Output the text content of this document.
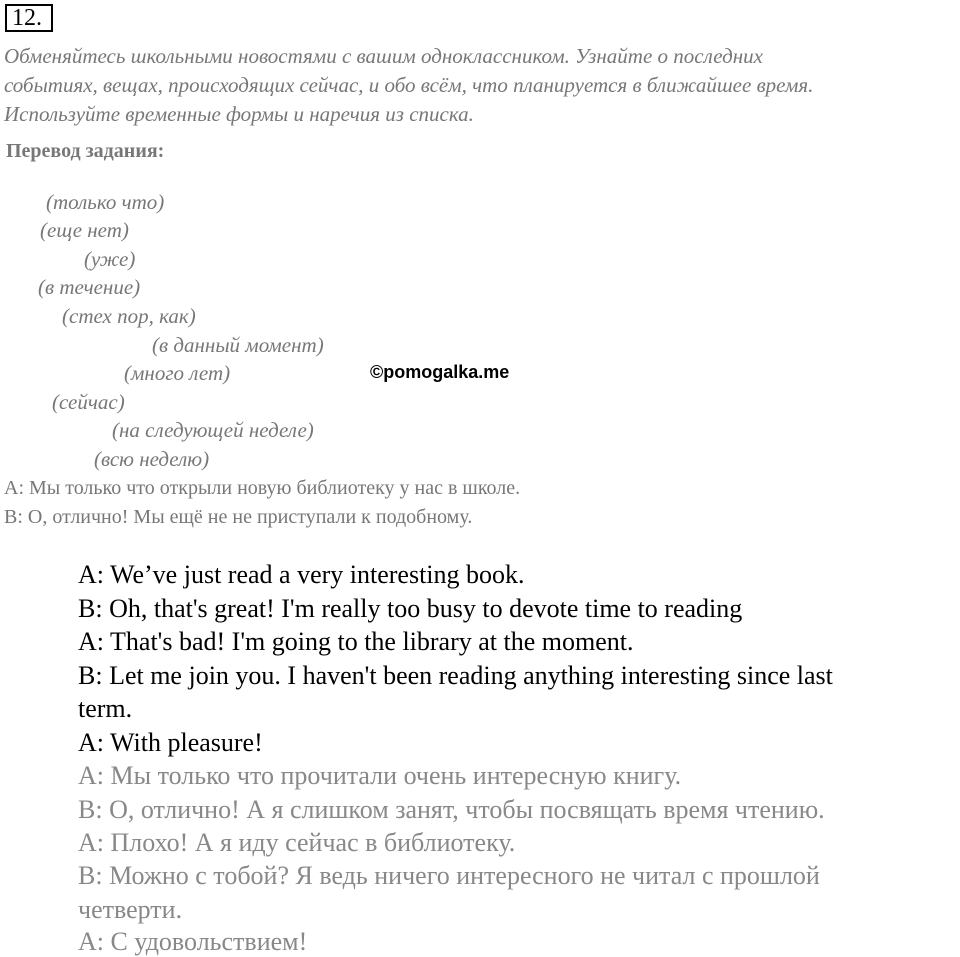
12.
Обменяйтесь школьными новостями с вашим одноклассником. Узнайте о последних
событиях, вещах, происходящих сейчас, и обо всём, что планируется в ближайшее время.
Используйте временные формы и наречия из списка.
Перевод задания:
(только что)
(еще нет)
(уже)
(в течение)
(стех пор, как)
(в данный момент)
(много лет)
(сейчас)
(на следующей неделе)
(всю неделю)
©pomogalka.me
А: Мы только что открыли новую библиотеку у нас в школе.
В: О, отлично! Мы ещё не не приступали к подобному.
A: We’ve just read a very interesting book.
B: Oh, that's great! I'm really too busy to devote time to reading
A: That's bad! I'm going to the library at the moment.
B: Let me join you. I haven't been reading anything interesting since last
term.
A: With pleasure!
А: Мы только что прочитали очень интересную книгу.
В: О, отлично! А я слишком занят, чтобы посвящать время чтению.
А: Плохо! А я иду сейчас в библиотеку.
В: Можно с тобой? Я ведь ничего интересного не читал с прошлой
четверти.
А: С удовольствием!
